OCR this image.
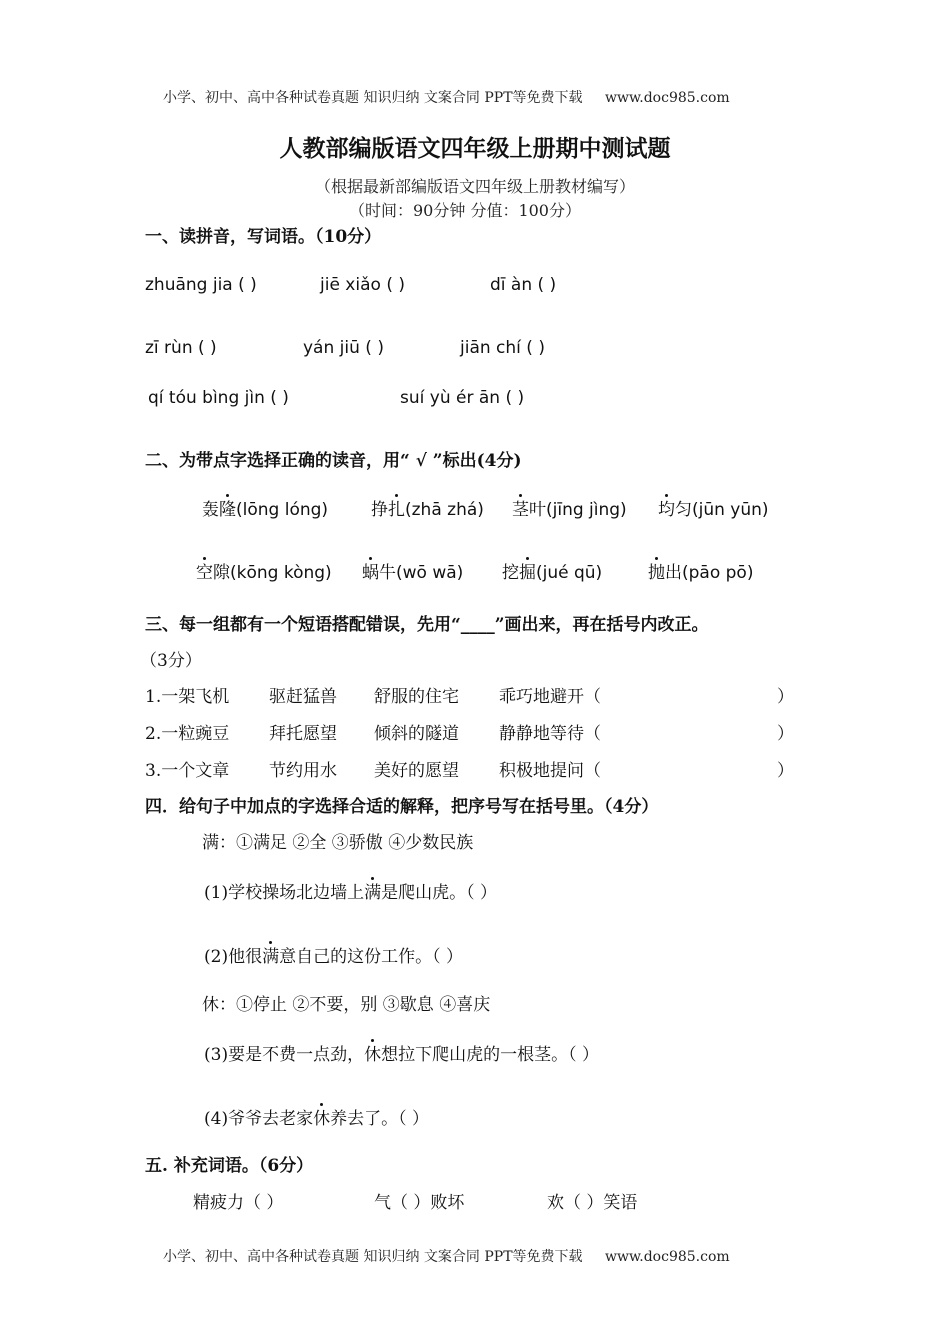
小学、初中、高中各种试卷真题 知识归纳 文案合同 PPT等免费下载 www.doc985.com
人教部编版语文四年级上册期中测试题
（根据最新部编版语文四年级上册教材编写）
（时间：90分钟 分值：100分）
一、读拼音，写词语。（10分）
zhuāng jia ( )	jiē xiǎo ( )	dī àn ( )
zī rùn ( )	yán jiū ( )	jiān chí ( )
qí tóu bìng jìn ( )	suí yù ér ān ( )
二、为带点字选择正确的读音，用“ √ ”标出(4分)
轰隆(lōng lóng)	挣扎(zhā zhá) 茎叶(jīng jìng) 均匀(jūn yūn)
空隙(kōng kòng) 蜗牛(wō wā) 挖掘(jué qū)	抛出(pāo pō)
三、每一组都有一个短语搭配错误，先用“____”画出来，再在括号内改正。
（3分）
1.一架飞机 驱赶猛兽 舒服的住宅 乖巧地避开（	）
2.一粒豌豆 拜托愿望 倾斜的隧道 静静地等待（	）
3.一个文章 节约用水 美好的愿望 积极地提问（	）
四．给句子中加点的字选择合适的解释，把序号写在括号里。（4分）
满：①满足 ②全 ③骄傲 ④少数民族
(1)学校操场北边墙上满是爬山虎。（ ）
(2)他很满意自己的这份工作。（ ）
休：①停止 ②不要，别 ③歇息 ④喜庆
(3)要是不费一点劲，休想拉下爬山虎的一根茎。（ ）
(4)爷爷去老家休养去了。（ ）
五. 补充词语。（6分）
精疲力（ ）	气（ ）败坏	欢（ ）笑语
小学、初中、高中各种试卷真题 知识归纳 文案合同 PPT等免费下载 www.doc985.com
